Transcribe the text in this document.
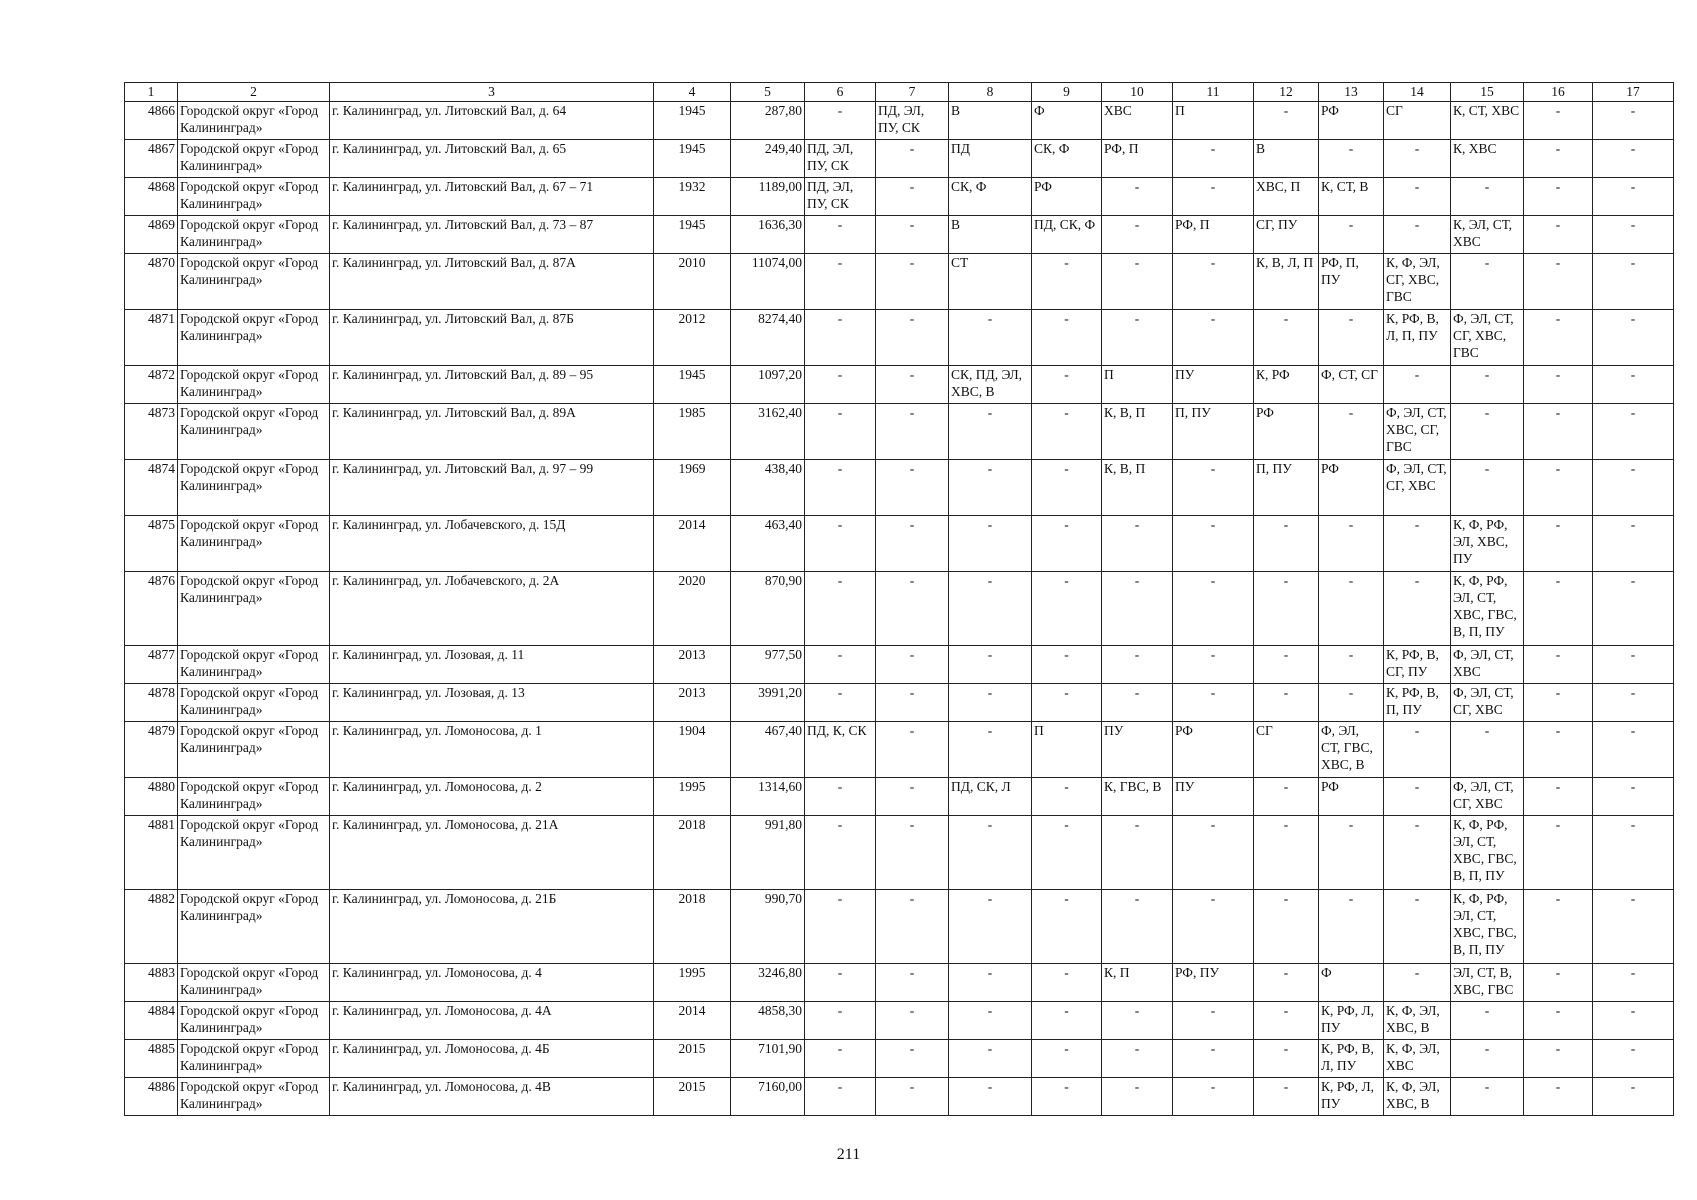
1	2	3	4	5	6	7	8	9	10	11	12	13	14	15	16	17
4866	Городской округ «Город Калининград»	г. Калининград, ул. Литовский Вал, д. 64	1945	287,80	-	ПД, ЭЛ, ПУ, СК	В	Ф	ХВС	П	-	РФ	СГ	К, СТ, ХВС	-	-
4867	Городской округ «Город Калининград»	г. Калининград, ул. Литовский Вал, д. 65	1945	249,40	ПД, ЭЛ, ПУ, СК	-	ПД	СК, Ф	РФ, П	-	В	-	-	К, ХВС	-	-
4868	Городской округ «Город Калининград»	г. Калининград, ул. Литовский Вал, д. 67 – 71	1932	1189,00	ПД, ЭЛ, ПУ, СК	-	СК, Ф	РФ	-	-	ХВС, П	К, СТ, В	-	-	-	-
4869	Городской округ «Город Калининград»	г. Калининград, ул. Литовский Вал, д. 73 – 87	1945	1636,30	-	-	В	ПД, СК, Ф	-	РФ, П	СГ, ПУ	-	-	К, ЭЛ, СТ, ХВС	-	-
4870	Городской округ «Город Калининград»	г. Калининград, ул. Литовский Вал, д. 87А	2010	11074,00	-	-	СТ	-	-	-	К, В, Л, П	РФ, П, ПУ	К, Ф, ЭЛ, СГ, ХВС, ГВС	-	-	-
4871	Городской округ «Город Калининград»	г. Калининград, ул. Литовский Вал, д. 87Б	2012	8274,40	-	-	-	-	-	-	-	-	К, РФ, В, Л, П, ПУ	Ф, ЭЛ, СТ, СГ, ХВС, ГВС	-	-
4872	Городской округ «Город Калининград»	г. Калининград, ул. Литовский Вал, д. 89 – 95	1945	1097,20	-	-	СК, ПД, ЭЛ, ХВС, В	-	П	ПУ	К, РФ	Ф, СТ, СГ	-	-	-	-
4873	Городской округ «Город Калининград»	г. Калининград, ул. Литовский Вал, д. 89А	1985	3162,40	-	-	-	-	К, В, П	П, ПУ	РФ	-	Ф, ЭЛ, СТ, ХВС, СГ, ГВС	-	-	-
4874	Городской округ «Город Калининград»	г. Калининград, ул. Литовский Вал, д. 97 – 99	1969	438,40	-	-	-	-	К, В, П	-	П, ПУ	РФ	Ф, ЭЛ, СТ, СГ, ХВС	-	-	-
4875	Городской округ «Город Калининград»	г. Калининград, ул. Лобачевского, д. 15Д	2014	463,40	-	-	-	-	-	-	-	-	-	К, Ф, РФ, ЭЛ, ХВС, ПУ	-	-
4876	Городской округ «Город Калининград»	г. Калининград, ул. Лобачевского, д. 2А	2020	870,90	-	-	-	-	-	-	-	-	-	К, Ф, РФ, ЭЛ, СТ, ХВС, ГВС, В, П, ПУ	-	-
4877	Городской округ «Город Калининград»	г. Калининград, ул. Лозовая, д. 11	2013	977,50	-	-	-	-	-	-	-	-	К, РФ, В, СГ, ПУ	Ф, ЭЛ, СТ, ХВС	-	-
4878	Городской округ «Город Калининград»	г. Калининград, ул. Лозовая, д. 13	2013	3991,20	-	-	-	-	-	-	-	-	К, РФ, В, П, ПУ	Ф, ЭЛ, СТ, СГ, ХВС	-	-
4879	Городской округ «Город Калининград»	г. Калининград, ул. Ломоносова, д. 1	1904	467,40	ПД, К, СК	-	-	П	ПУ	РФ	СГ	Ф, ЭЛ, СТ, ГВС, ХВС, В	-	-	-	-
4880	Городской округ «Город Калининград»	г. Калининград, ул. Ломоносова, д. 2	1995	1314,60	-	-	ПД, СК, Л	-	К, ГВС, В	ПУ	-	РФ	-	Ф, ЭЛ, СТ, СГ, ХВС	-	-
4881	Городской округ «Город Калининград»	г. Калининград, ул. Ломоносова, д. 21А	2018	991,80	-	-	-	-	-	-	-	-	-	К, Ф, РФ, ЭЛ, СТ, ХВС, ГВС, В, П, ПУ	-	-
4882	Городской округ «Город Калининград»	г. Калининград, ул. Ломоносова, д. 21Б	2018	990,70	-	-	-	-	-	-	-	-	-	К, Ф, РФ, ЭЛ, СТ, ХВС, ГВС, В, П, ПУ	-	-
4883	Городской округ «Город Калининград»	г. Калининград, ул. Ломоносова, д. 4	1995	3246,80	-	-	-	-	К, П	РФ, ПУ	-	Ф	-	ЭЛ, СТ, В, ХВС, ГВС	-	-
4884	Городской округ «Город Калининград»	г. Калининград, ул. Ломоносова, д. 4А	2014	4858,30	-	-	-	-	-	-	-	К, РФ, Л, ПУ	К, Ф, ЭЛ, ХВС, В	-	-	-
4885	Городской округ «Город Калининград»	г. Калининград, ул. Ломоносова, д. 4Б	2015	7101,90	-	-	-	-	-	-	-	К, РФ, В, Л, ПУ	К, Ф, ЭЛ, ХВС	-	-	-
4886	Городской округ «Город Калининград»	г. Калининград, ул. Ломоносова, д. 4В	2015	7160,00	-	-	-	-	-	-	-	К, РФ, Л, ПУ	К, Ф, ЭЛ, ХВС, В	-	-	-
211
